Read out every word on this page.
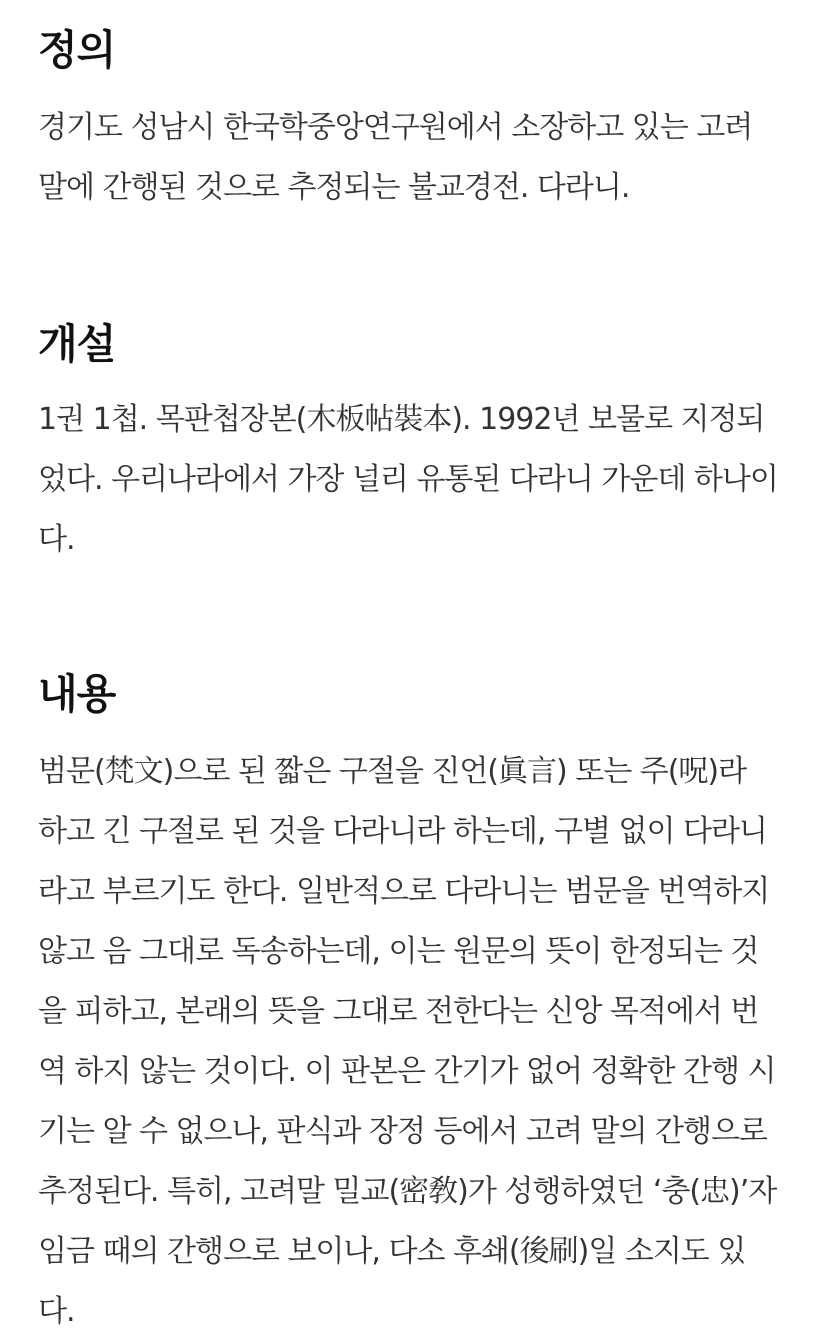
정의

경기도 성남시 한국학중앙연구원에서 소장하고 있는 고려
말에 간행된 것으로 추정되는 불교경전. 다라니.

개설

1권 1첩. 목판첩장본(木板帖裝本). 1992년 보물로 지정되
었다. 우리나라에서 가장 널리 유통된 다라니 가운데 하나이
다.

내용

범문(梵文)으로 된 짧은 구절을 진언(眞言) 또는 주(呪)라
하고 긴 구절로 된 것을 다라니라 하는데, 구별 없이 다라니
라고 부르기도 한다. 일반적으로 다라니는 범문을 번역하지
않고 음 그대로 독송하는데, 이는 원문의 뜻이 한정되는 것
을 피하고, 본래의 뜻을 그대로 전한다는 신앙 목적에서 번
역 하지 않는 것이다. 이 판본은 간기가 없어 정확한 간행 시
기는 알 수 없으나, 판식과 장정 등에서 고려 말의 간행으로
추정된다. 특히, 고려말 밀교(密敎)가 성행하였던 ‘충(忠)’자
임금 때의 간행으로 보이나, 다소 후쇄(後刷)일 소지도 있
다.
